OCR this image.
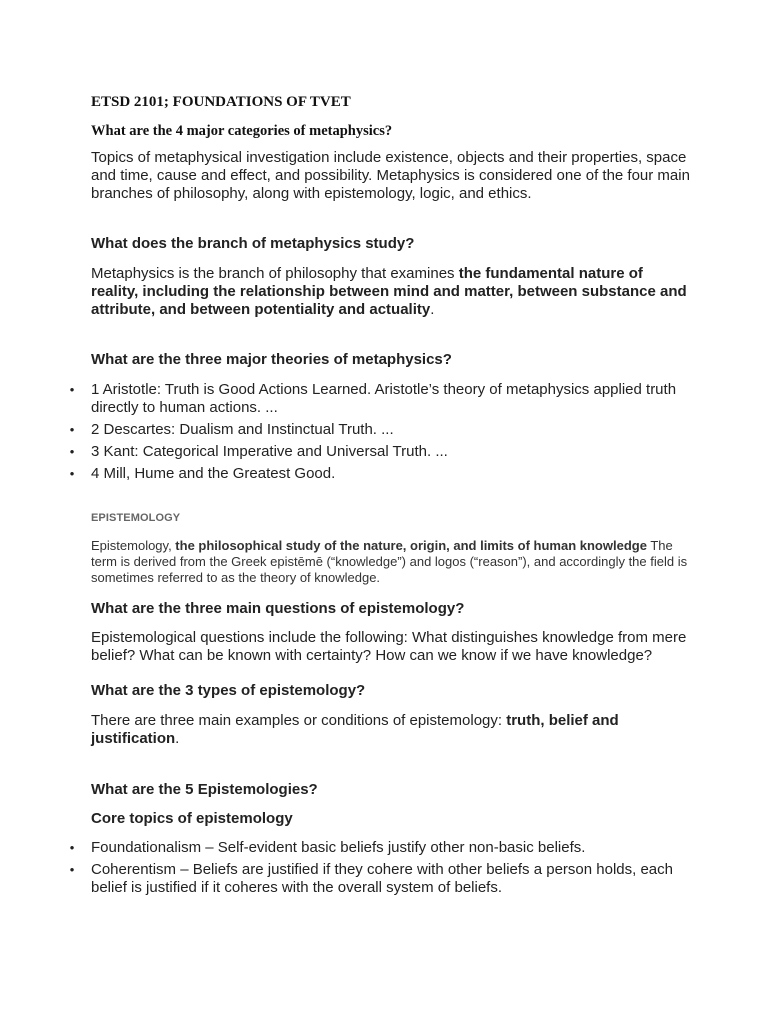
ETSD 2101; FOUNDATIONS OF TVET

What are the 4 major categories of metaphysics?

Topics of metaphysical investigation include existence, objects and their properties, space and time, cause and effect, and possibility. Metaphysics is considered one of the four main branches of philosophy, along with epistemology, logic, and ethics.

What does the branch of metaphysics study?

Metaphysics is the branch of philosophy that examines the fundamental nature of reality, including the relationship between mind and matter, between substance and attribute, and between potentiality and actuality.

What are the three major theories of metaphysics?

• 1 Aristotle: Truth is Good Actions Learned. Aristotle’s theory of metaphysics applied truth directly to human actions. ...
• 2 Descartes: Dualism and Instinctual Truth. ...
• 3 Kant: Categorical Imperative and Universal Truth. ...
• 4 Mill, Hume and the Greatest Good.

EPISTEMOLOGY

Epistemology, the philosophical study of the nature, origin, and limits of human knowledge The term is derived from the Greek epistēmē (“knowledge”) and logos (“reason”), and accordingly the field is sometimes referred to as the theory of knowledge.

What are the three main questions of epistemology?

Epistemological questions include the following: What distinguishes knowledge from mere belief? What can be known with certainty? How can we know if we have knowledge?

What are the 3 types of epistemology?

There are three main examples or conditions of epistemology: truth, belief and justification.

What are the 5 Epistemologies?

Core topics of epistemology

• Foundationalism – Self-evident basic beliefs justify other non-basic beliefs.
• Coherentism – Beliefs are justified if they cohere with other beliefs a person holds, each belief is justified if it coheres with the overall system of beliefs.
